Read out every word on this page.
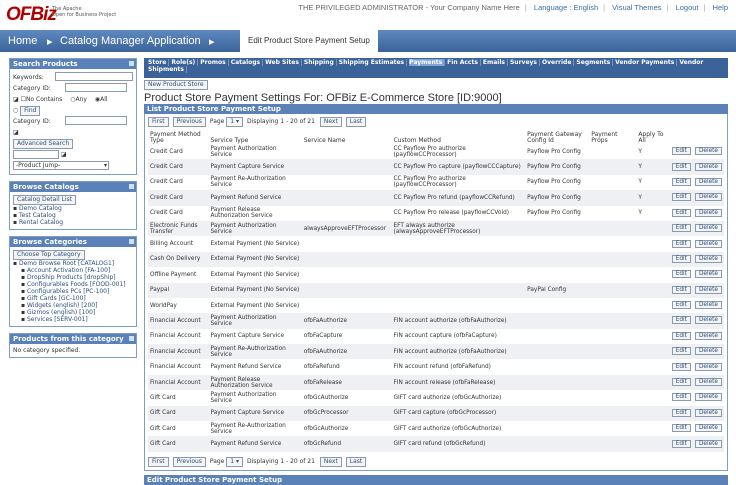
OFBiz
The Apache
Open for Business Project
THE PRIVILEGED ADMINISTRATOR - Your Company Name Here | Language : English | Visual Themes | Logout | Help
Home ▸ Catalog Manager Application ▸	Edit Product Store Payment Setup
Search Products
Keywords:
Category ID:
◪ ☐No Contains ○Any ◉All
○ Find
Category ID:
◪
Advanced Search
◪
-Product Jump-	▾
Browse Catalogs
Catalog Detail List
▪ Demo Catalog
▪ Test Catalog
▪ Rental Catalog
Browse Categories
Choose Top Category
▪ Demo Browse Root [CATALOG1]
▪ Account Activation [FA-100]
▪ DropShip Products [dropShip]
▪ Configurables Foods [FOOD-001]
▪ Configurables PCs [PC-100]
▪ Gift Cards [GC-100]
▪ Widgets (english) [200]
▪ Gizmos (english) [100]
▪ Services [SERV-001]
Products from this category
No category specified.
Store Role(s) Promos Catalogs Web Sites Shipping Shipping Estimates Payments Fin Accts Emails Surveys Override Segments Vendor Payments Vendor Shipments
New Product Store
Product Store Payment Settings For: OFBiz E-Commerce Store [ID:9000]
List Product Store Payment Setup
First Previous Page 1 ▾ Displaying 1 - 20 of 21 Next Last
Payment Method Type	Service Type	Service Name	Custom Method	Payment Gateway Config Id	Payment Props	Apply To All		
Credit Card	Payment Authorization Service		CC Payflow Pro authorize (payflowCCProcessor)	Payflow Pro Config		Y	Edit	Delete
Credit Card	Payment Capture Service		CC Payflow Pro capture (payflowCCCapture)	Payflow Pro Config		Y	Edit	Delete
Credit Card	Payment Re-Authorization Service		CC Payflow Pro authorize (payflowCCProcessor)	Payflow Pro Config		Y	Edit	Delete
Credit Card	Payment Refund Service		CC Payflow Pro refund (payflowCCRefund)	Payflow Pro Config		Y	Edit	Delete
Credit Card	Payment Release Authorization Service		CC Payflow Pro release (payflowCCVoid)	Payflow Pro Config		Y	Edit	Delete
Electronic Funds Transfer	Payment Authorization Service	alwaysApproveEFTProcessor	EFT always authorize (alwaysApproveEFTProcessor)				Edit	Delete
Billing Account	External Payment (No Service)						Edit	Delete
Cash On Delivery	External Payment (No Service)						Edit	Delete
Offline Payment	External Payment (No Service)						Edit	Delete
Paypal	External Payment (No Service)			PayPal Config			Edit	Delete
WorldPay	External Payment (No Service)						Edit	Delete
Financial Account	Payment Authorization Service	ofbFaAuthorize	FIN account authorize (ofbFaAuthorize)				Edit	Delete
Financial Account	Payment Capture Service	ofbFaCapture	FIN account capture (ofbFaCapture)				Edit	Delete
Financial Account	Payment Re-Authorization Service	ofbFaAuthorize	FIN account authorize (ofbFaAuthorize)				Edit	Delete
Financial Account	Payment Refund Service	ofbFaRefund	FIN account refund (ofbFaRefund)				Edit	Delete
Financial Account	Payment Release Authorization Service	ofbFaRelease	FIN account release (ofbFaRelease)				Edit	Delete
Gift Card	Payment Authorization Service	ofbGcAuthorize	GIFT card authorize (ofbGcAuthorize)				Edit	Delete
Gift Card	Payment Capture Service	ofbGcProcessor	GIFT card capture (ofbGcProcessor)				Edit	Delete
Gift Card	Payment Re-Authorization Service	ofbGcAuthorize	GIFT card authorize (ofbGcAuthorize)				Edit	Delete
Gift Card	Payment Refund Service	ofbGcRefund	GIFT card refund (ofbGcRefund)				Edit	Delete
First Previous Page 1 ▾ Displaying 1 - 20 of 21 Next Last
Edit Product Store Payment Setup
